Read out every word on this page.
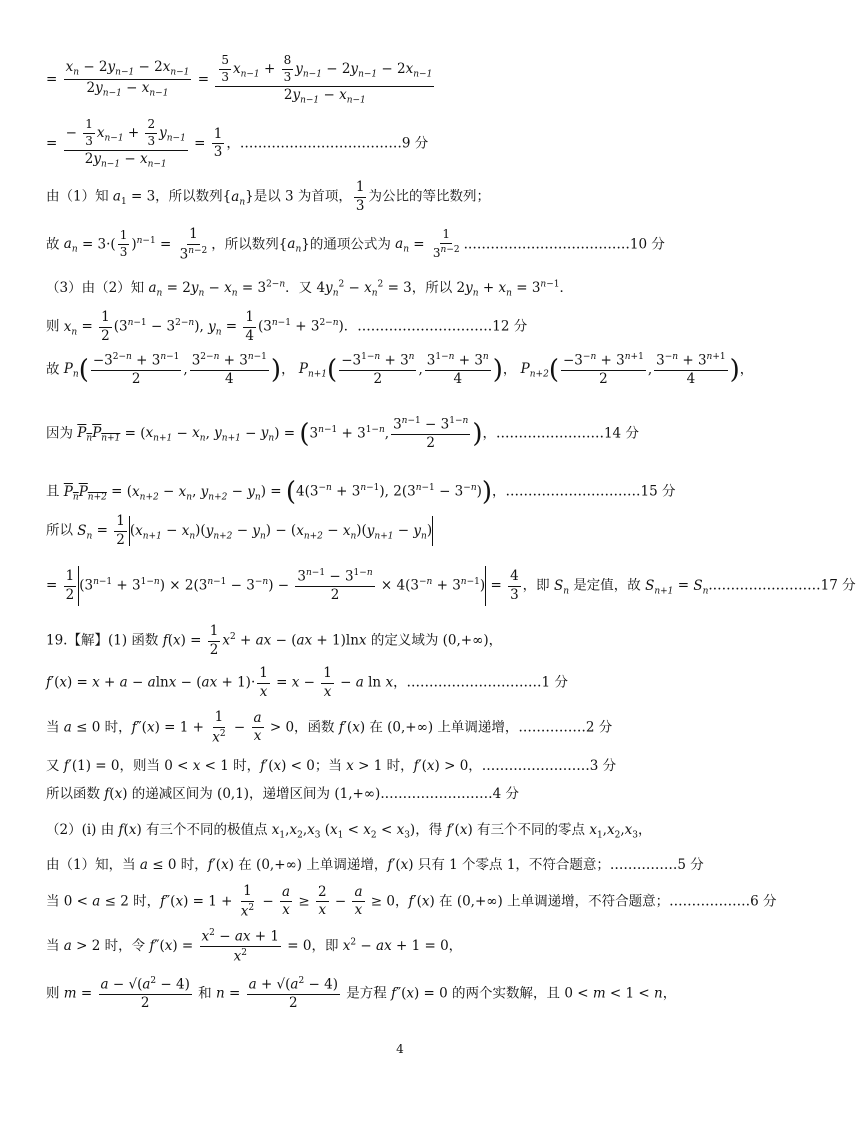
= $\frac{x_n - 2y_{n-1} - 2x_{n-1}}{2y_{n-1} - x_{n-1}} = \frac{\frac{5}{3} x_{n-1} + \frac{8}{3} y_{n-1} - 2y_{n-1} - 2x_{n-1}}{2y_{n-1} - x_{n-1}}$
= $\frac{- \frac{1}{3} x_{n-1} + \frac{2}{3} y_{n-1}}{2y_{n-1} - x_{n-1}} = \frac{1}{3}$ ，………………………………9 分
由（1）知 $a_1 = 3$，所以数列$\{a_n\}$是以 3 为首项， $\frac{1}{3}$ 为公比的等比数列；
故 $a_n = 3\cdot( \frac{1}{3} )^{n-1} = \frac{1}{3^{n-2}}$ ，所以数列$\{a_n\}$的通项公式为 $a_n = \frac{1}{3^{n-2}}$ .………………………………10 分
（3）由（2）知 $a_n = 2y_n - x_n = 3^{2-n}$．又 $4y_n^2 - x_n^2 = 3$，所以 $2y_n + x_n = 3^{n-1}$．
则 $x_n = \frac{1}{2} (3^{n-1} - 3^{2-n})$, $y_n = \frac{1}{4} (3^{n-1} + 3^{2-n})$．…………………………12 分
故 $P_n( \frac{-3^{2-n} + 3^{n-1}}{2}$ , $\frac{3^{2-n} + 3^{n-1}}{4}$ )， $P_{n+1}( \frac{-3^{1-n} + 3^n}{2}$ , $\frac{3^{1-n} + 3^n}{4}$ )， $P_{n+2}( \frac{-3^{-n} + 3^{n+1}}{2}$ , $\frac{3^{-n} + 3^{n+1}}{4}$ )，
因为 $P_nP_{n+1} = (x_{n+1} - x_n$, $y_{n+1} - y_n) = (3^{n-1} + 3^{1-n}$, $\frac{3^{n-1} - 3^{1-n}}{2}$ )，……………………14 分
且 $P_nP_{n+2} = (x_{n+2} - x_n$, $y_{n+2} - y_n) = (4(3^{-n} + 3^{n-1})$, $2(3^{n-1} - 3^{-n})$)，…………………………15 分
所以 $S_n = \frac{1}{2} (x_{n+1} - x_n)(y_{n+2} - y_n) - (x_{n+2} - x_n)(y_{n+1} - y_n)$
= $\frac{1}{2} (3^{n-1} + 3^{1-n}) \times 2(3^{n-1} - 3^{-n}) - \frac{3^{n-1} - 3^{1-n}}{2} \times 4(3^{-n} + 3^{n-1}) = \frac{4}{3}$ ，即 $S_n$ 是定值，故 $S_{n+1}$ = $S_n.\dots\dots\dots\dots\dots\dots\dots\dots 17$ 分
19.【解】(1) 函数 $f(x) = \frac{1}{2} x^2$ + ax − (ax + 1)lnx 的定义域为 (0,+∞)，
$f'(x) = x + a - alnx - (ax + 1)\cdot \frac{1}{x} = x - \frac{1}{x} - a$ ln x，…………………………1 分
当 a ≤ 0 时，$f''(x) = 1 + \frac{1}{x^2} - \frac{a}{x} > 0$，函数 f′(x) 在 (0,+∞) 上单调递增，……………2 分
又 f′(1) = 0，则当 0 < x < 1 时，f′(x) < 0；当 x > 1 时，f′(x) > 0，……………………3 分
所以函数 f(x) 的递减区间为 (0,1)，递增区间为 (1,+∞).……………………4 分
（2）(i) 由 f(x) 有三个不同的极值点 $x_1,x_2,x_3$ $(x_1 < x_2 < x_3)$，得 f′(x) 有三个不同的零点 $x_1,x_2,x_3$，
由（1）知，当 a ≤ 0 时，f′(x) 在 (0,+∞) 上单调递增，f′(x) 只有 1 个零点 1，不符合题意；……………5 分
当 0 < a ≤ 2 时，$f''(x) = 1 + \frac{1}{x^2} - \frac{a}{x} \ge \frac{2}{x} - \frac{a}{x} \ge 0$，f′(x) 在 (0,+∞) 上单调递增，不符合题意；………………6 分
当 a > 2 时，令 $f''(x) = \frac{x^2 - ax + 1}{x^2} = 0$，即 $x^2$ − ax + 1 = 0，
则 $m = \frac{a - √(a^2 - 4)}{2}$ 和 $n = \frac{a + √(a^2 - 4)}{2}$ 是方程 f″(x) = 0 的两个实数解，且 0 < m < 1 < n，
4
